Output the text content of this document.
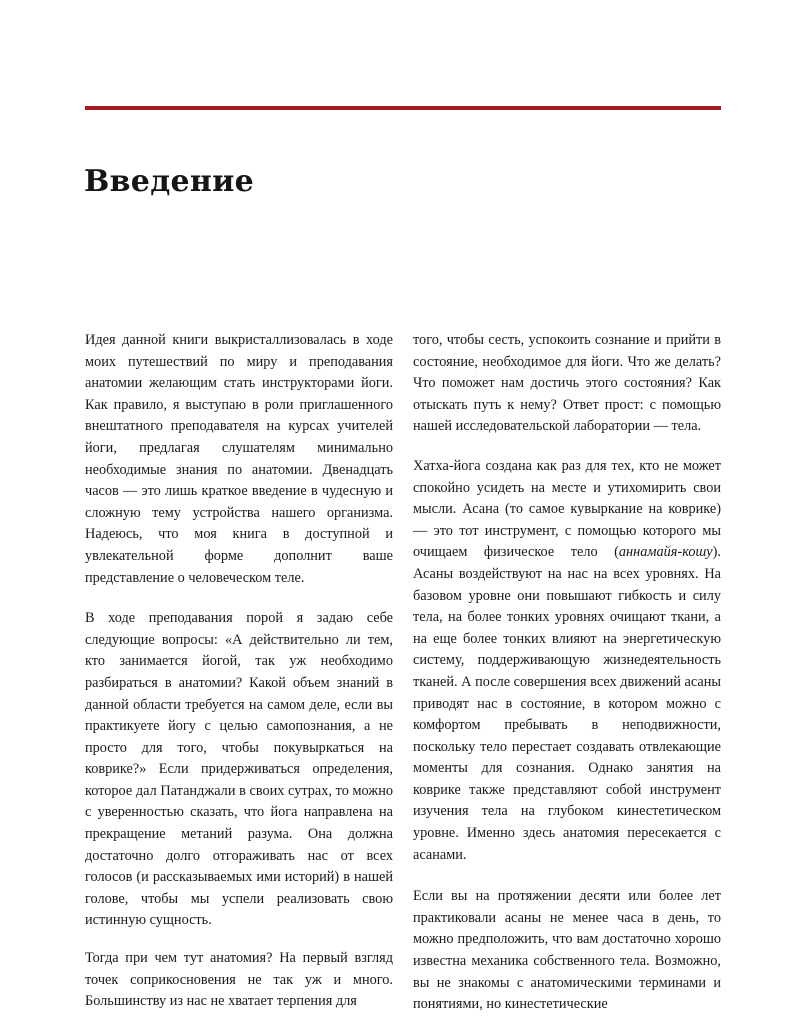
Введение

Идея данной книги выкристаллизовалась в ходе моих путешествий по миру и преподавания анатомии желающим стать инструкторами йоги. Как правило, я выступаю в роли приглашенного внештатного преподавателя на курсах учителей йоги, предлагая слушателям минимально необходимые знания по анатомии. Двенадцать часов — это лишь краткое введение в чудесную и сложную тему устройства нашего организма. Надеюсь, что моя книга в доступной и увлекательной форме дополнит ваше представление о человеческом теле.

В ходе преподавания порой я задаю себе следующие вопросы: «А действительно ли тем, кто занимается йогой, так уж необходимо разбираться в анатомии? Какой объем знаний в данной области требуется на самом деле, если вы практикуете йогу с целью самопознания, а не просто для того, чтобы покувыркаться на коврике?» Если придерживаться определения, которое дал Патанджали в своих сутрах, то можно с уверенностью сказать, что йога направлена на прекращение метаний разума. Она должна достаточно долго отгораживать нас от всех голосов (и рассказываемых ими историй) в нашей голове, чтобы мы успели реализовать свою истинную сущность.

Тогда при чем тут анатомия? На первый взгляд точек соприкосновения не так уж и много. Большинству из нас не хватает терпения для

того, чтобы сесть, успокоить сознание и прийти в состояние, необходимое для йоги. Что же делать? Что поможет нам достичь этого состояния? Как отыскать путь к нему? Ответ прост: с помощью нашей исследовательской лаборатории — тела.

Хатха-йога создана как раз для тех, кто не может спокойно усидеть на месте и утихомирить свои мысли. Асана (то самое кувыркание на коврике) — это тот инструмент, с помощью которого мы очищаем физическое тело (аннамайя-кошу). Асаны воздействуют на нас на всех уровнях. На базовом уровне они повышают гибкость и силу тела, на более тонких уровнях очищают ткани, а на еще более тонких влияют на энергетическую систему, поддерживающую жизнедеятельность тканей. А после совершения всех движений асаны приводят нас в состояние, в котором можно с комфортом пребывать в неподвижности, поскольку тело перестает создавать отвлекающие моменты для сознания. Однако занятия на коврике также представляют собой инструмент изучения тела на глубоком кинестетическом уровне. Именно здесь анатомия пересекается с асанами.

Если вы на протяжении десяти или более лет практиковали асаны не менее часа в день, то можно предположить, что вам достаточно хорошо известна механика собственного тела. Возможно, вы не знакомы с анатомическими терминами и понятиями, но кинестетические
